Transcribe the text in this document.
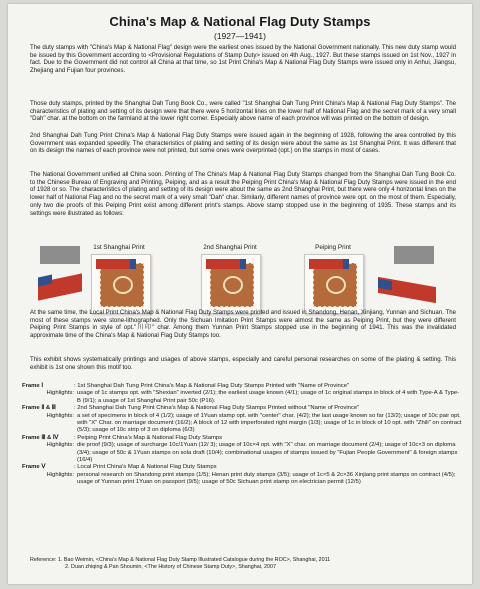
China's Map & National Flag Duty Stamps
(1927—1941)

The duty stamps with "China's Map & National Flag" design were the earliest ones issued by the National Government nationally. This new duty stamp would be issued by this Government according to <Provisional Regulations of Stamp Duty> issued on 4th Aug., 1927. But these stamps issued on 1st Nov., 1927 in fact. Due to the Government did not control all China at that time, so 1st Print China's Map & National Flag Duty Stamps were issued only in Anhui, Jiangsu, Zhejiang and Fujian four provinces.

Those duty stamps, printed by the Shanghai Dah Tung Book Co., were called "1st Shanghai Dah Tung Print China's Map & National Flag Duty Stamps". The characteristics of plating and setting of its design were that there were 5 horizontal lines on the lower half of National Flag and the secret mark of a very small "Dah" char. at the bottom on the farmland at the lower right corner. Especially above name of each province will was printed on the bottom of design.

2nd Shanghai Dah Tung Print China's Map & National Flag Duty Stamps were issued again in the beginning of 1928, following the area controlled by this Government was expanded speedily. The characteristics of plating and setting of its design were about the same as 1st Shanghai Print. It was different that on its design the names of each province were not printed, but some ones were overprinted (opt.) on the stamps in most of cases.

The National Government unified all China soon. Printing of The China's Map & National Flag Duty Stamps changed from the Shanghai Dah Tung Book Co. to the Chinese Bureau of Engraving and Printing, Peiping, and as a result the Peiping Print China's Map & National Flag Duty Stamps were issued in the end of 1928 or so. The characteristics of plating and setting of its design were about the same as 2nd Shanghai Print, but there were only 4 horizontal lines on the lower half of National Flag and no the secret mark of a very small "Dah" char. Similarly, different names of province were opt. on the most of them. Especially, only two die proofs of this Peiping Print exist among different print's stamps. Above stamp stopped use in the beginning of 1935. These stamps and its settings were illustrated as follows:

1st Shanghai Print	2nd Shanghai Print	Peiping Print

At the same time, the Local Print China's Map & National Flag Duty Stamps were printed and issued in Shandong, Henan, Xinjiang, Yunnan and Sichuan. The most of these stamps were stone-lithographed. Only the Sichuan Imitation Print Stamps were almost the same as Peiping Print, but they were different Peiping Print Stamps in style of opt."川印" char. Among them Yunnan Print Stamps stopped use in the beginning of 1941. This was the invalidated approximate time of the China's Map & National Flag Duty Stamps too.

This exhibit shows systematically printings and usages of above stamps, especially and careful personal researches on some of the plating & setting. This exhibit is 1st one shown this motif too.

Frame Ⅰ	: 1st Shanghai Dah Tung Print China's Map & National Flag Duty Stamps Printed with "Name of Province"
Highlights: usage of 1c stamps opt. with "Shexian" inverted (2/1); the earliest usage known (4/1); usage of 1c original stamps in block of 4 with Type-A & Type-B (9/1); a usage of 1st Shanghai Print pair 50c (P16).
Frame Ⅱ & Ⅲ	: 2nd Shanghai Dah Tung Print China's Map & National Flag Duty Stamps Printed without "Name of Province"
Highlights: a set of specimens in block of 4 (1/2); usage of 1Yuan stamp opt. with "center" char. (4/2); the last usage known so far (13/2); usage of 10c pair opt. with "X" Char. on marriage document (16/2); A block of 12 with imperforated right margin (1/3); usage of 1c in block of 10 opt. with "Zhili" on contract (5/3); usage of 10c strip of 3 on diploma (6/3)
Frame Ⅲ & Ⅳ	: Peiping Print China's Map & National Flag Duty Stamps
Highlights: die proof (9/3); usage of surcharge 10c/1Yuan (12/ 3); usage of 10c×4 opt. with "X" char. on marriage document (2/4); usage of 10c×3 on diploma (3/4); usage of 50c & 1Yuan stamps on sola draft (10/4); combinational usages of stamps issued by "Fujian People Government" & foreign stamps (16/4)
Frame Ⅴ	: Local Print China's Map & National Flag Duty Stamps
Highlights: personal research on Shandong print stamps (1/5); Henan print duty stamps (3/5); usage of 1c×5 & 2c×36 Xinjiang print stamps on contract (4/5); usage of Yunnan print 1Yuan on passport (9/5); usage of 50c Sichuan print stamp on electrician permit (12/5)
Reference: 1. Bao Weimin, <China's Map & National Flag Duty Stamp Illustrated Catalogue during the ROC>, Shanghai, 2011
2. Duan zhiqing & Pan Shoumin, <The History of Chinese Stamp Duty>, Shanghai, 2007
